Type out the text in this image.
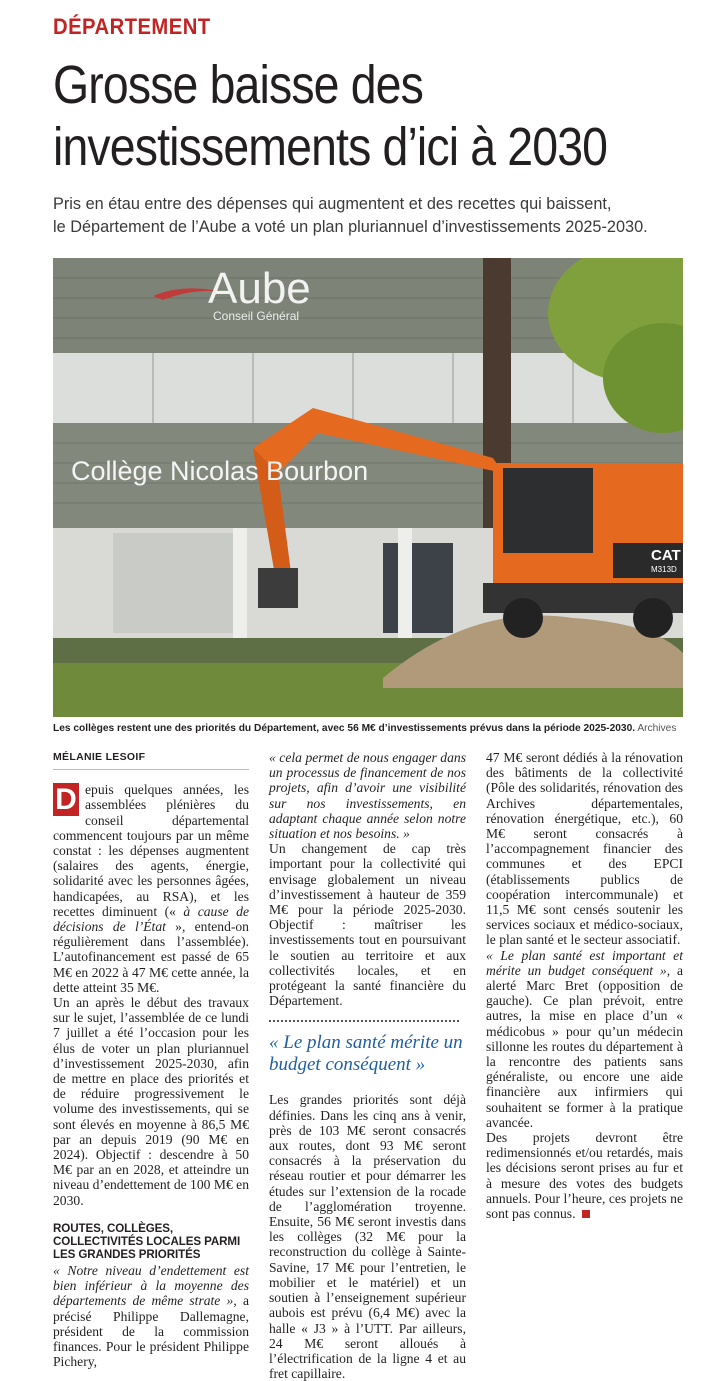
DÉPARTEMENT
Grosse baisse des
investissements d’ici à 2030

Pris en étau entre des dépenses qui augmentent et des recettes qui baissent,
le Département de l’Aube a voté un plan pluriannuel d’investissements 2025-2030.

Aube
Conseil Général
Collège Nicolas Bourbon
CAT
M313D
Les collèges restent une des priorités du Département, avec 56 M€ d’investissements prévus dans la période 2025-2030. Archives
MÉLANIE LESOIF

D epuis quelques années, les assemblées plénières du conseil départemental commencent toujours par un même constat : les dépenses augmentent (salaires des agents, énergie, solidarité avec les personnes âgées, handicapées, au RSA), et les recettes diminuent (« à cause de décisions de l’État », entend-on régulièrement dans l’assemblée). L’autofinancement est passé de 65 M€ en 2022 à 47 M€ cette année, la dette atteint 35 M€.

Un an après le début des travaux sur le sujet, l’assemblée de ce lundi 7 juillet a été l’occasion pour les élus de voter un plan pluriannuel d’investissement 2025-2030, afin de mettre en place des priorités et de réduire progressivement le volume des investissements, qui se sont élevés en moyenne à 86,5 M€ par an depuis 2019 (90 M€ en 2024). Objectif : descendre à 50 M€ par an en 2028, et atteindre un niveau d’endettement de 100 M€ en 2030.

ROUTES, COLLÈGES, COLLECTIVITÉS LOCALES PARMI LES GRANDES PRIORITÉS

« Notre niveau d’endettement est bien inférieur à la moyenne des départements de même strate », a précisé Philippe Dallemagne, président de la commission finances. Pour le président Philippe Pichery,

« cela permet de nous engager dans un processus de financement de nos projets, afin d’avoir une visibilité sur nos investissements, en adaptant chaque année selon notre situation et nos besoins. »

Un changement de cap très important pour la collectivité qui envisage globalement un niveau d’investissement à hauteur de 359 M€ pour la période 2025-2030. Objectif : maîtriser les investissements tout en poursuivant le soutien au territoire et aux collectivités locales, et en protégeant la santé financière du Département.

« Le plan santé mérite un budget conséquent »

Les grandes priorités sont déjà définies. Dans les cinq ans à venir, près de 103 M€ seront consacrés aux routes, dont 93 M€ seront consacrés à la préservation du réseau routier et pour démarrer les études sur l’extension de la rocade de l’agglomération troyenne. Ensuite, 56 M€ seront investis dans les collèges (32 M€ pour la reconstruction du collège à Sainte-Savine, 17 M€ pour l’entretien, le mobilier et le matériel) et un soutien à l’enseignement supérieur aubois est prévu (6,4 M€) avec la halle « J3 » à l’UTT. Par ailleurs, 24 M€ seront alloués à l’électrification de la ligne 4 et au fret capillaire.

47 M€ seront dédiés à la rénovation des bâtiments de la collectivité (Pôle des solidarités, rénovation des Archives départementales, rénovation énergétique, etc.), 60 M€ seront consacrés à l’accompagnement financier des communes et des EPCI (établissements publics de coopération intercommunale) et 11,5 M€ sont censés soutenir les services sociaux et médico-sociaux, le plan santé et le secteur associatif.

« Le plan santé est important et mérite un budget conséquent », a alerté Marc Bret (opposition de gauche). Ce plan prévoit, entre autres, la mise en place d’un « médicobus » pour qu’un médecin sillonne les routes du département à la rencontre des patients sans généraliste, ou encore une aide financière aux infirmiers qui souhaitent se former à la pratique avancée.

Des projets devront être redimensionnés et/ou retardés, mais les décisions seront prises au fur et à mesure des votes des budgets annuels. Pour l’heure, ces projets ne sont pas connus.
